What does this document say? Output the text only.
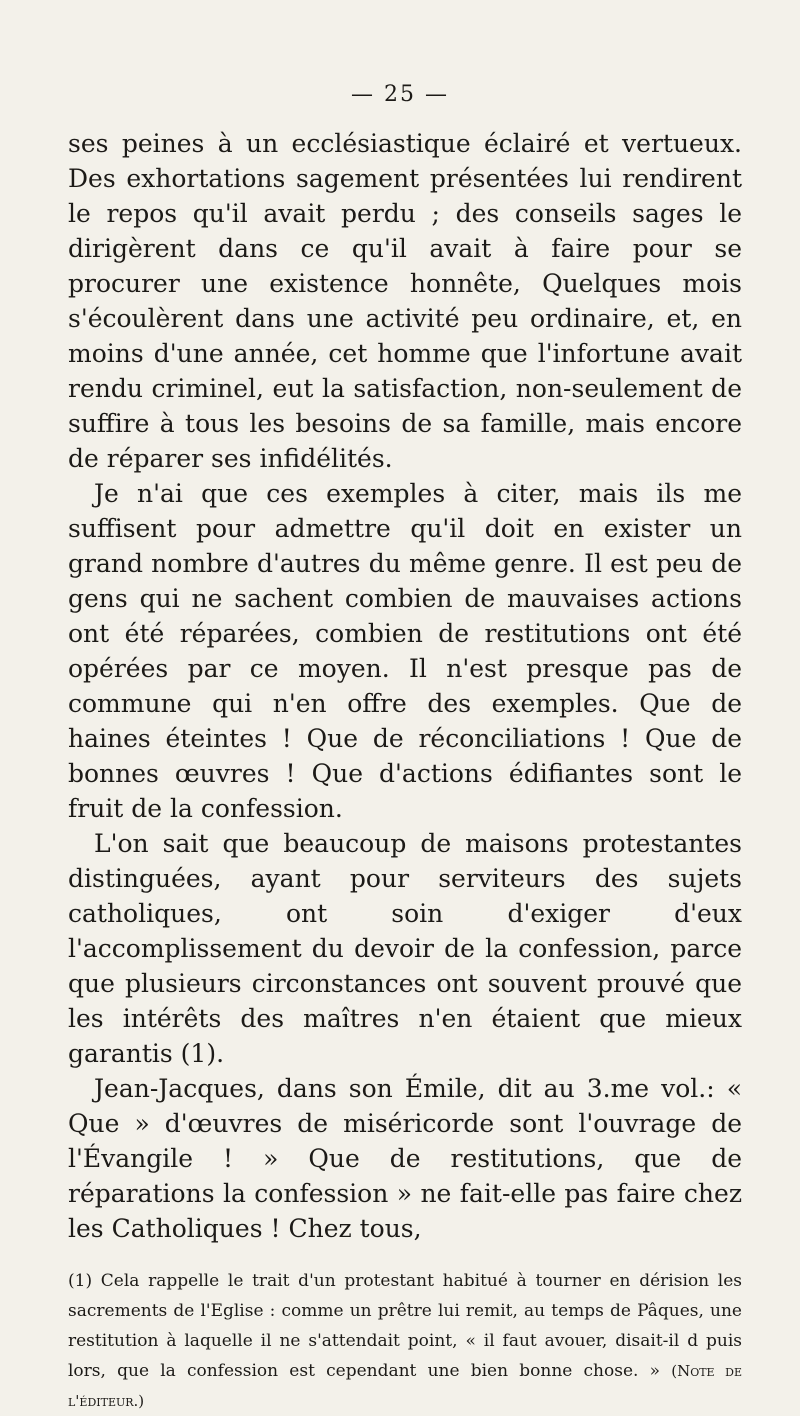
— 25 —

ses peines à un ecclésiastique éclairé et vertueux. Des exhortations sagement présentées lui rendirent le repos qu'il avait perdu ; des conseils sages le dirigèrent dans ce qu'il avait à faire pour se procurer une existence honnête, Quelques mois s'écoulèrent dans une activité peu ordinaire, et, en moins d'une année, cet homme que l'infortune avait rendu criminel, eut la satisfaction, non-seulement de suffire à tous les besoins de sa famille, mais encore de réparer ses infidélités.

Je n'ai que ces exemples à citer, mais ils me suffisent pour admettre qu'il doit en exister un grand nombre d'autres du même genre. Il est peu de gens qui ne sachent combien de mauvaises actions ont été réparées, combien de restitutions ont été opérées par ce moyen. Il n'est presque pas de commune qui n'en offre des exemples. Que de haines éteintes ! Que de réconciliations ! Que de bonnes œuvres ! Que d'actions édifiantes sont le fruit de la confession.

L'on sait que beaucoup de maisons protestantes distinguées, ayant pour serviteurs des sujets catholiques, ont soin d'exiger d'eux l'accomplissement du devoir de la confession, parce que plusieurs circonstances ont souvent prouvé que les intérêts des maîtres n'en étaient que mieux garantis (1).

Jean-Jacques, dans son Émile, dit au 3.me vol.: « Que » d'œuvres de miséricorde sont l'ouvrage de l'Évangile ! » Que de restitutions, que de réparations la confession » ne fait-elle pas faire chez les Catholiques ! Chez tous,

(1) Cela rappelle le trait d'un protestant habitué à tourner en dérision les sacrements de l'Eglise : comme un prêtre lui remit, au temps de Pâques, une restitution à laquelle il ne s'attendait point, « il faut avouer, disait-il d puis lors, que la confession est cependant une bien bonne chose. » (Note de l'éditeur.)
